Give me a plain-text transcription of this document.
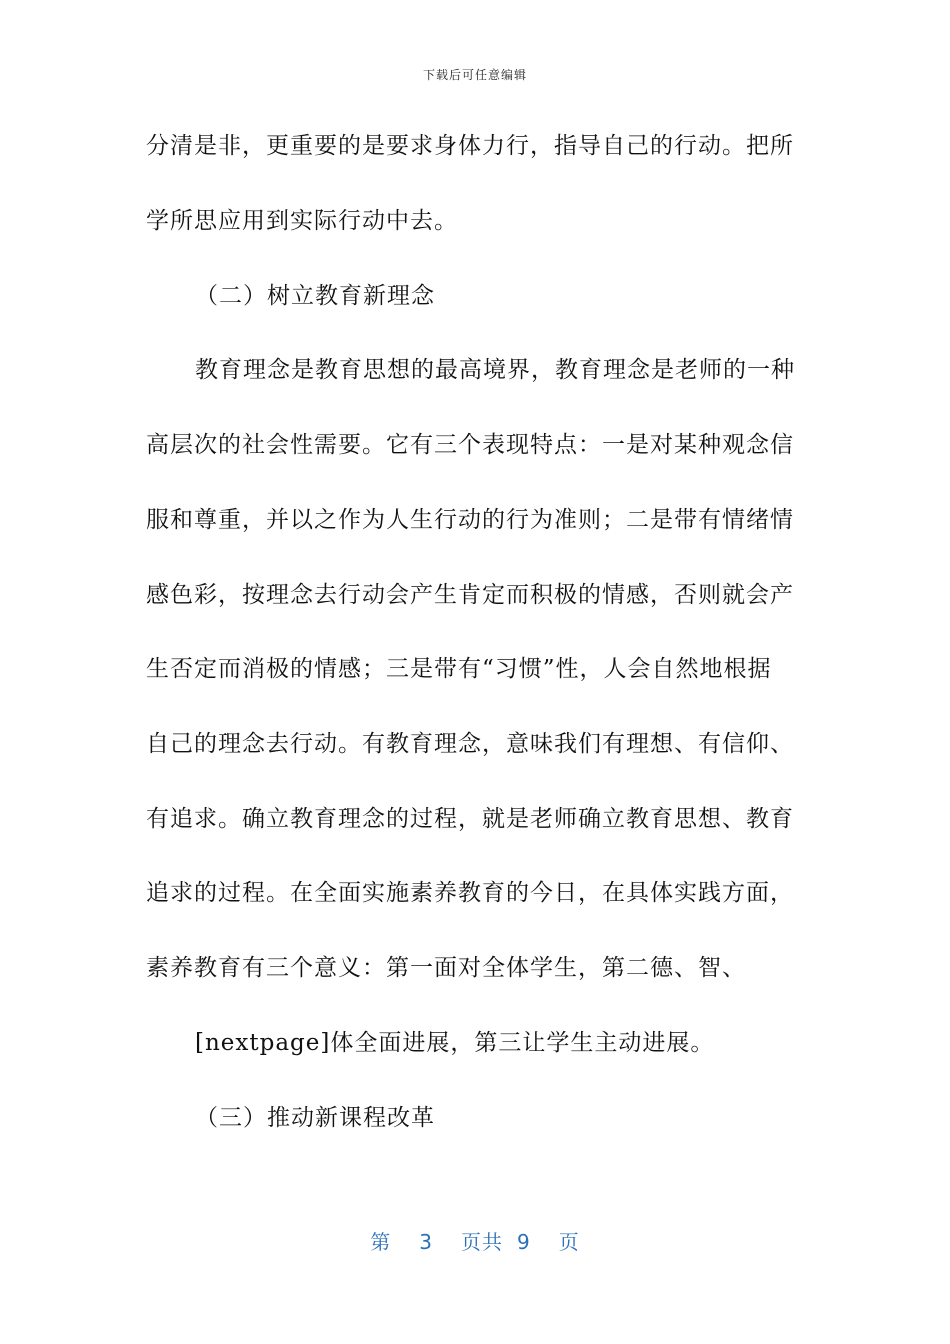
下载后可任意编辑
分清是非，更重要的是要求身体力行，指导自己的行动。把所
学所思应用到实际行动中去。
（二）树立教育新理念
教育理念是教育思想的最高境界，教育理念是老师的一种
高层次的社会性需要。它有三个表现特点：一是对某种观念信
服和尊重，并以之作为人生行动的行为准则；二是带有情绪情
感色彩，按理念去行动会产生肯定而积极的情感，否则就会产
生否定而消极的情感；三是带有“习惯”性，人会自然地根据
自己的理念去行动。有教育理念，意味我们有理想、有信仰、
有追求。确立教育理念的过程，就是老师确立教育思想、教育
追求的过程。在全面实施素养教育的今日，在具体实践方面，
素养教育有三个意义：第一面对全体学生，第二德、智、
[nextpage]体全面进展，第三让学生主动进展。
（三）推动新课程改革
第 3 页共 9 页
